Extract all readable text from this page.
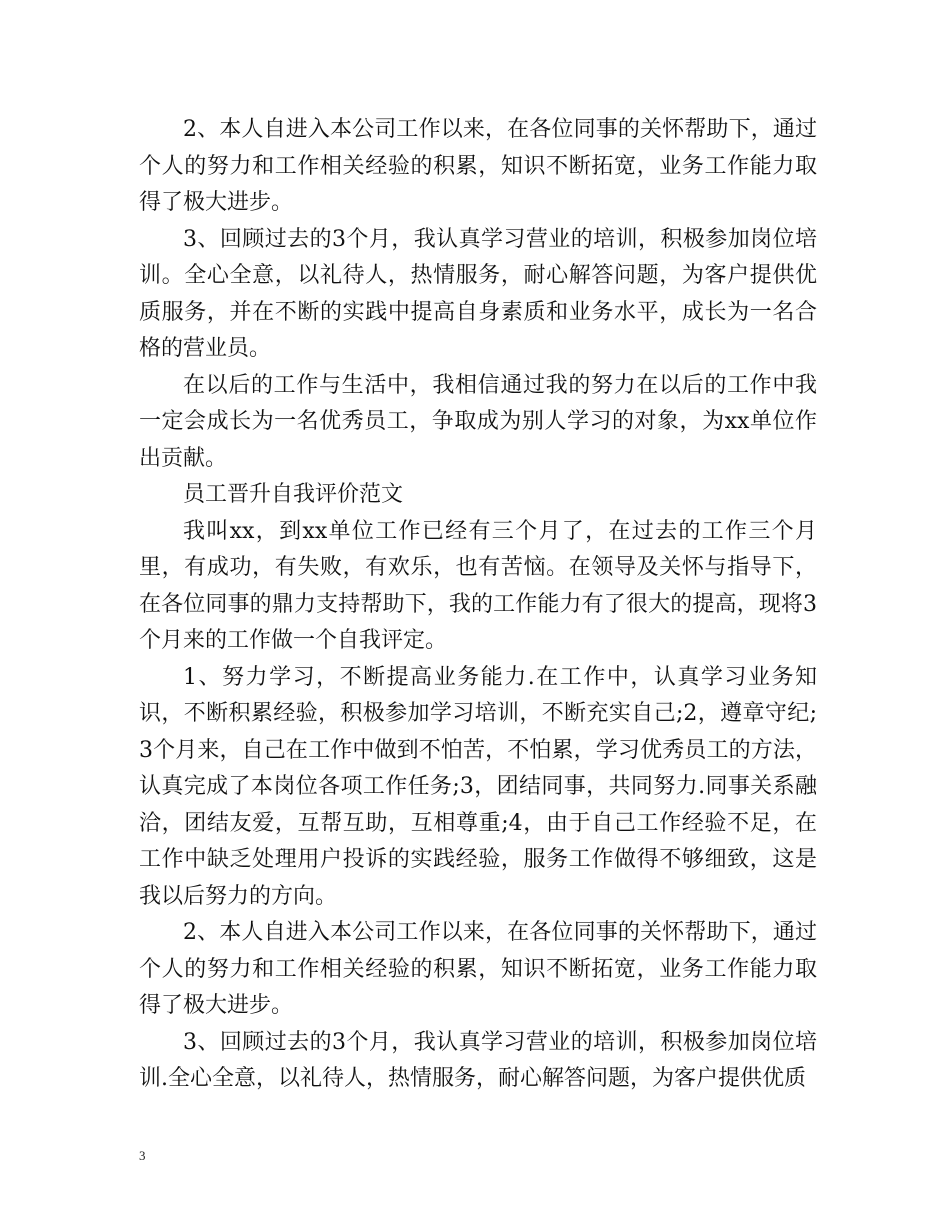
2、本人自进入本公司工作以来，在各位同事的关怀帮助下，通过个人的努力和工作相关经验的积累，知识不断拓宽，业务工作能力取得了极大进步。

3、回顾过去的3个月，我认真学习营业的培训，积极参加岗位培训。全心全意，以礼待人，热情服务，耐心解答问题，为客户提供优质服务，并在不断的实践中提高自身素质和业务水平，成长为一名合格的营业员。

在以后的工作与生活中，我相信通过我的努力在以后的工作中我一定会成长为一名优秀员工，争取成为别人学习的对象，为xx单位作出贡献。

员工晋升自我评价范文

我叫xx，到xx单位工作已经有三个月了，在过去的工作三个月里，有成功，有失败，有欢乐，也有苦恼。在领导及关怀与指导下，在各位同事的鼎力支持帮助下，我的工作能力有了很大的提高，现将3个月来的工作做一个自我评定。

1、努力学习，不断提高业务能力.在工作中，认真学习业务知识，不断积累经验，积极参加学习培训，不断充实自己;2，遵章守纪;3个月来，自己在工作中做到不怕苦，不怕累，学习优秀员工的方法，认真完成了本岗位各项工作任务;3，团结同事，共同努力.同事关系融洽，团结友爱，互帮互助，互相尊重;4，由于自己工作经验不足，在工作中缺乏处理用户投诉的实践经验，服务工作做得不够细致，这是我以后努力的方向。

2、本人自进入本公司工作以来，在各位同事的关怀帮助下，通过个人的努力和工作相关经验的积累，知识不断拓宽，业务工作能力取得了极大进步。

3、回顾过去的3个月，我认真学习营业的培训，积极参加岗位培训.全心全意，以礼待人，热情服务，耐心解答问题，为客户提供优质

3
